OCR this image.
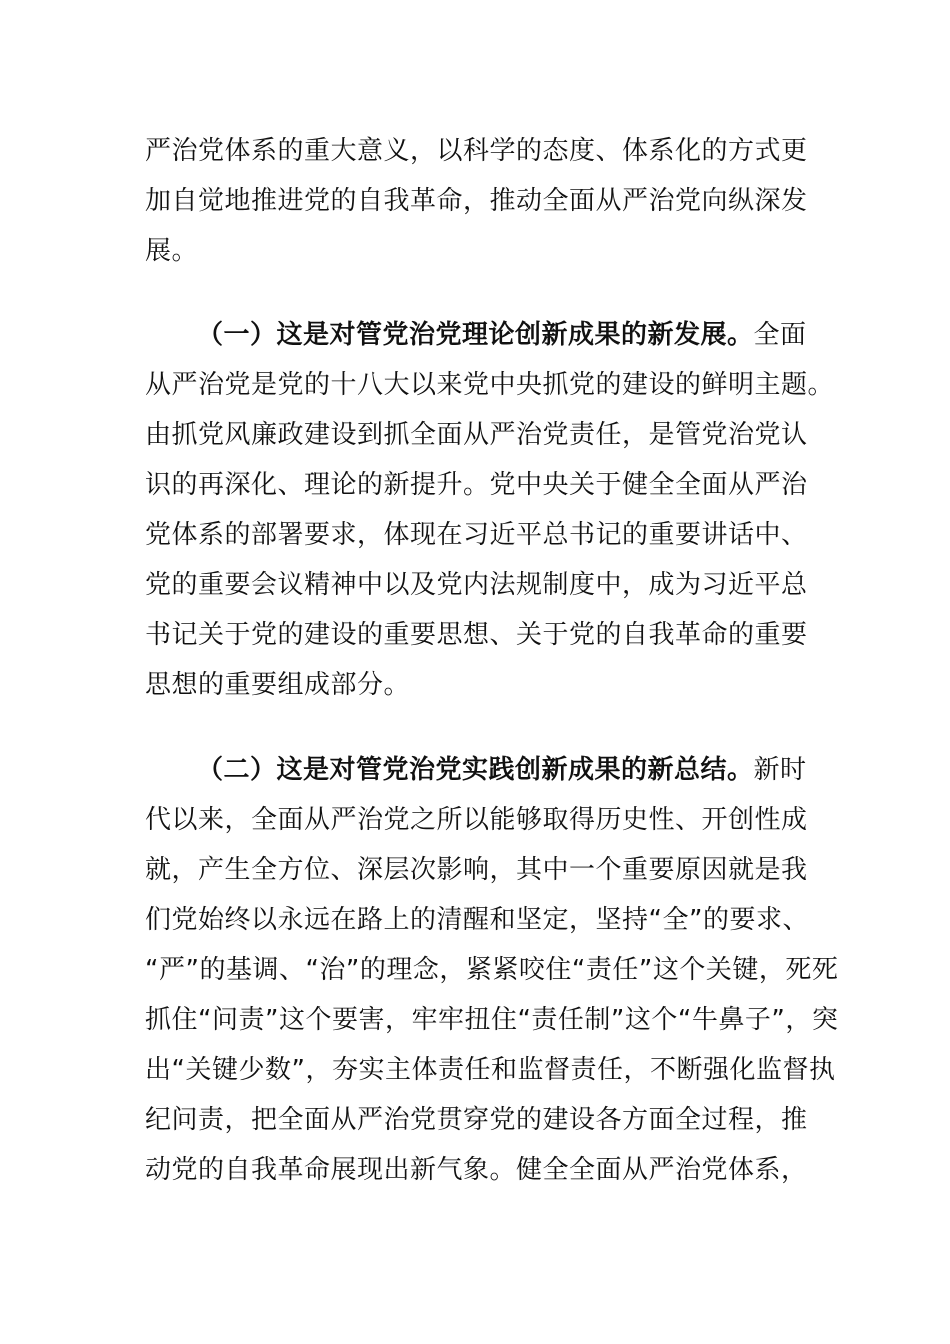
严治党体系的重大意义，以科学的态度、体系化的方式更
加自觉地推进党的自我革命，推动全面从严治党向纵深发
展。
（一）这是对管党治党理论创新成果的新发展。全面
从严治党是党的十八大以来党中央抓党的建设的鲜明主题。
由抓党风廉政建设到抓全面从严治党责任，是管党治党认
识的再深化、理论的新提升。党中央关于健全全面从严治
党体系的部署要求，体现在习近平总书记的重要讲话中、
党的重要会议精神中以及党内法规制度中，成为习近平总
书记关于党的建设的重要思想、关于党的自我革命的重要
思想的重要组成部分。
（二）这是对管党治党实践创新成果的新总结。新时
代以来，全面从严治党之所以能够取得历史性、开创性成
就，产生全方位、深层次影响，其中一个重要原因就是我
们党始终以永远在路上的清醒和坚定，坚持“全”的要求、
“严”的基调、“治”的理念，紧紧咬住“责任”这个关键，死死
抓住“问责”这个要害，牢牢扭住“责任制”这个“牛鼻子”，突
出“关键少数”，夯实主体责任和监督责任，不断强化监督执
纪问责，把全面从严治党贯穿党的建设各方面全过程，推
动党的自我革命展现出新气象。健全全面从严治党体系，
